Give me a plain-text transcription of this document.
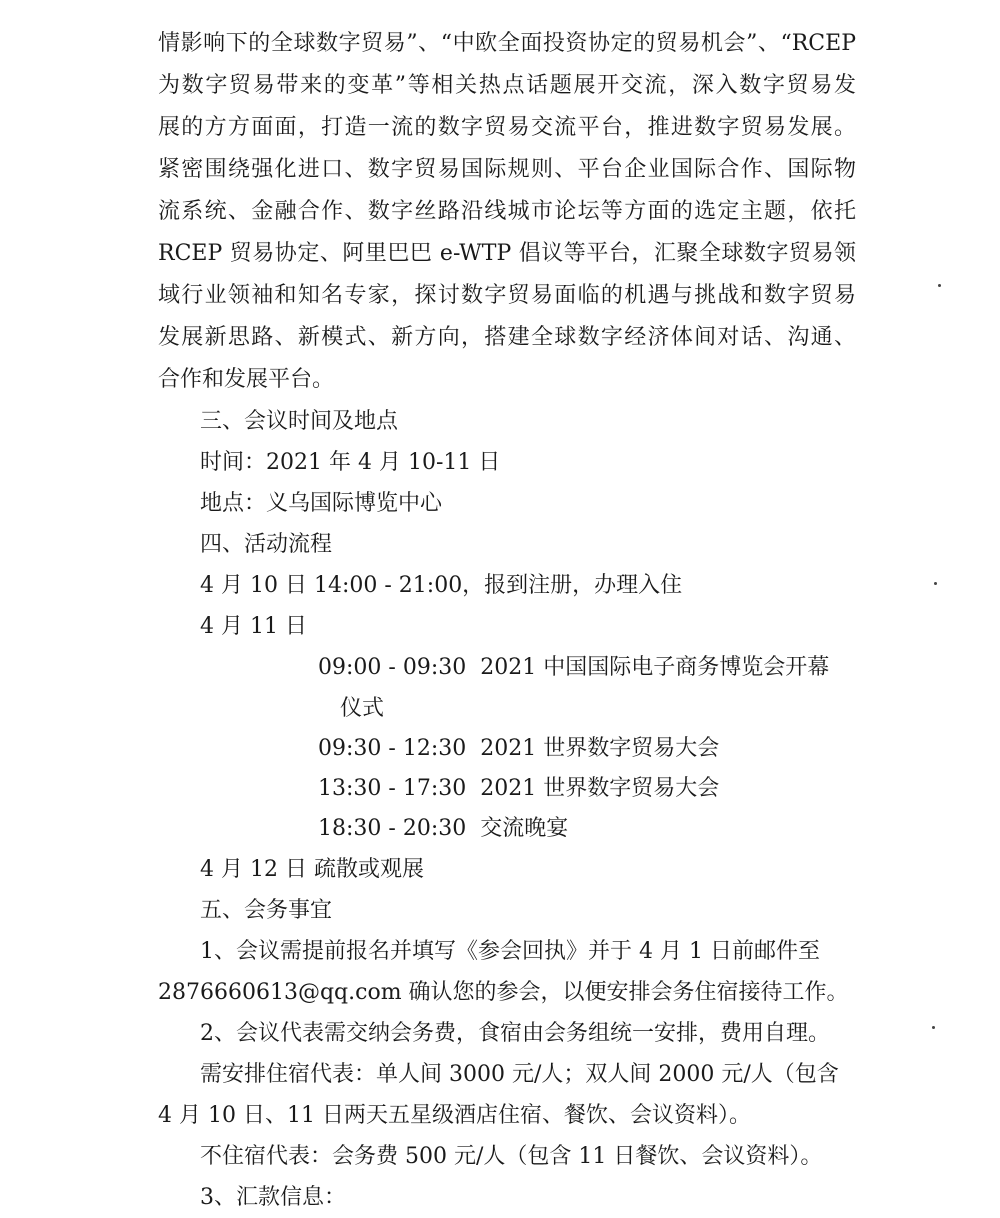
情影响下的全球数字贸易”、“中欧全面投资协定的贸易机会”、“RCEP
为数字贸易带来的变革”等相关热点话题展开交流，深入数字贸易发
展的方方面面，打造一流的数字贸易交流平台，推进数字贸易发展。
紧密围绕强化进口、数字贸易国际规则、平台企业国际合作、国际物
流系统、金融合作、数字丝路沿线城市论坛等方面的选定主题，依托
RCEP 贸易协定、阿里巴巴 e-WTP 倡议等平台，汇聚全球数字贸易领
域行业领袖和知名专家，探讨数字贸易面临的机遇与挑战和数字贸易
发展新思路、新模式、新方向，搭建全球数字经济体间对话、沟通、
合作和发展平台。
三、会议时间及地点
时间：2021 年 4 月 10-11 日
地点：义乌国际博览中心
四、活动流程
4 月 10 日 14:00 - 21:00，报到注册，办理入住
4 月 11 日
09:00 - 09:30  2021 中国国际电子商务博览会开幕
仪式
09:30 - 12:30  2021 世界数字贸易大会
13:30 - 17:30  2021 世界数字贸易大会
18:30 - 20:30  交流晚宴
4 月 12 日 疏散或观展
五、会务事宜
1、会议需提前报名并填写《参会回执》并于 4 月 1 日前邮件至
2876660613@qq.com 确认您的参会，以便安排会务住宿接待工作。
2、会议代表需交纳会务费，食宿由会务组统一安排，费用自理。
需安排住宿代表：单人间 3000 元/人；双人间 2000 元/人（包含
4 月 10 日、11 日两天五星级酒店住宿、餐饮、会议资料）。
不住宿代表：会务费 500 元/人（包含 11 日餐饮、会议资料）。
3、汇款信息：
